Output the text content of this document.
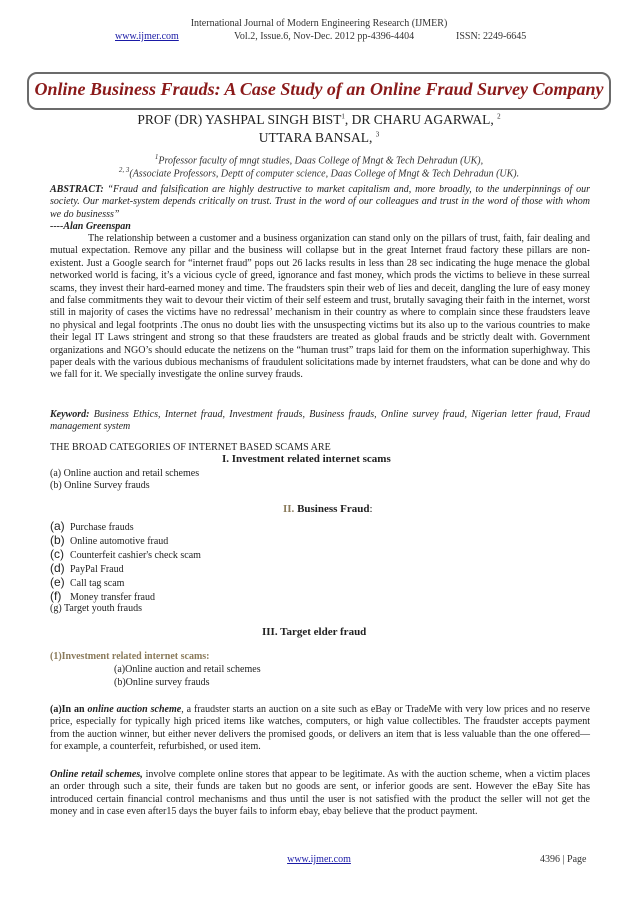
International Journal of Modern Engineering Research (IJMER)
www.ijmer.com	Vol.2, Issue.6, Nov-Dec. 2012 pp-4396-4404	ISSN: 2249-6645
Online Business Frauds: A Case Study of an Online Fraud Survey Company
PROF (DR) YASHPAL SINGH BIST$^1$, DR CHARU AGARWAL, $^2$
UTTARA BANSAL, $^3$
$^1$Professor faculty of mngt studies, Daas College of Mngt & Tech Dehradun (UK),
$^{2, 3}$(Associate Professors, Deptt of computer science, Daas College of Mngt & Tech Dehradun (UK).
ABSTRACT: “Fraud and falsification are highly destructive to market capitalism and, more broadly, to the underpinnings of our society. Our market-system depends critically on trust. Trust in the word of our colleagues and trust in the word of those with whom we do businesss”
----Alan Greenspan
The relationship between a customer and a business organization can stand only on the pillars of trust, faith, fair dealing and mutual expectation. Remove any pillar and the business will collapse but in the great Internet fraud factory these pillars are non-existent. Just a Google search for “internet fraud” pops out 26 lacks results in less than 28 sec indicating the huge menace the global networked world is facing, it’s a vicious cycle of greed, ignorance and fast money, which prods the victims to believe in these surreal scams, they invest their hard-earned money and time. The fraudsters spin their web of lies and deceit, dangling the lure of easy money and false commitments they wait to devour their victim of their self esteem and trust, brutally savaging their faith in the internet, worst still in majority of cases the victims have no redressal’ mechanism in their country as where to complain since these fraudsters leave no physical and legal footprints .The onus no doubt lies with the unsuspecting victims but its also up to the various countries to make their legal IT Laws stringent and strong so that these fraudsters are treated as global frauds and be strictly dealt with. Government organizations and NGO’s should educate the netizens on the “human trust” traps laid for them on the information superhighway. This paper deals with the various dubious mechanisms of fraudulent solicitations made by internet fraudsters, what can be done and why do we fall for it. We specially investigate the online survey frauds.
Keyword: Business Ethics, Internet fraud, Investment frauds, Business frauds, Online survey fraud, Nigerian letter fraud, Fraud management system
THE BROAD CATEGORIES OF INTERNET BASED SCAMS ARE
I. Investment related internet scams
(a) Online auction and retail schemes
(b) Online Survey frauds
II. Business Fraud:
(a) Purchase frauds
(b) Online automotive fraud
(c) Counterfeit cashier's check scam
(d) PayPal Fraud
(e) Call tag scam
(f) Money transfer fraud
(g) Target youth frauds
III. Target elder fraud
(1)Investment related internet scams:
(a)Online auction and retail schemes
(b)Online survey frauds
(a)In an online auction scheme, a fraudster starts an auction on a site such as eBay or TradeMe with very low prices and no reserve price, especially for typically high priced items like watches, computers, or high value collectibles. The fraudster accepts payment from the auction winner, but either never delivers the promised goods, or delivers an item that is less valuable than the one offered—for example, a counterfeit, refurbished, or used item.
Online retail schemes, involve complete online stores that appear to be legitimate. As with the auction scheme, when a victim places an order through such a site, their funds are taken but no goods are sent, or inferior goods are sent. However the eBay Site has introduced certain financial control mechanisms and thus until the user is not satisfied with the product the seller will not get the money and in case even after15 days the buyer fails to inform ebay, ebay believe that the product payment.
www.ijmer.com	4396 | Page
